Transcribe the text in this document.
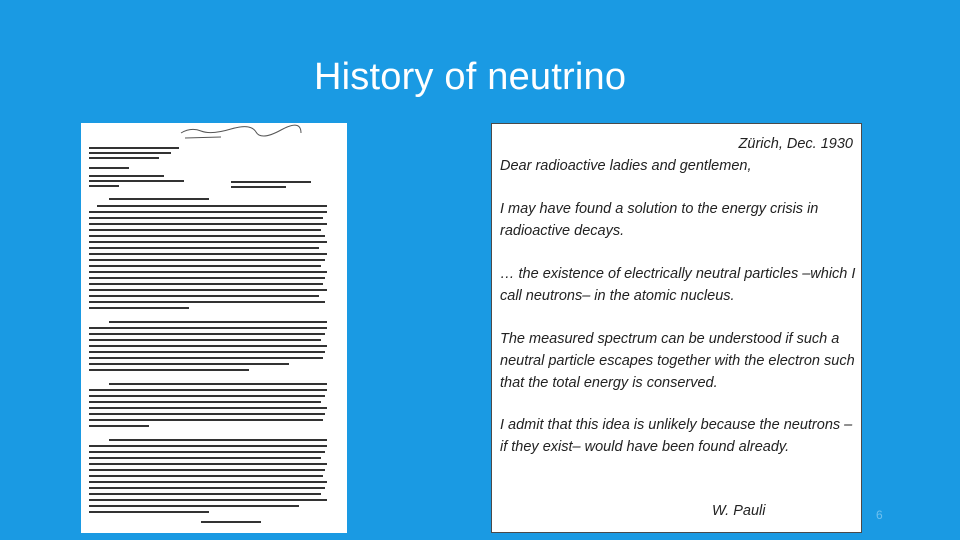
History of neutrino
Zürich, Dec. 1930
Dear radioactive ladies and gentlemen,
I may have found a solution to the energy crisis in radioactive decays.
… the existence of electrically neutral particles –which I call neutrons– in the atomic nucleus.
The measured spectrum can be understood if such a neutral particle escapes together with the electron such that the total energy is conserved.
I admit that this idea is unlikely because the neutrons –if they exist– would have been found already.
W. Pauli	6
